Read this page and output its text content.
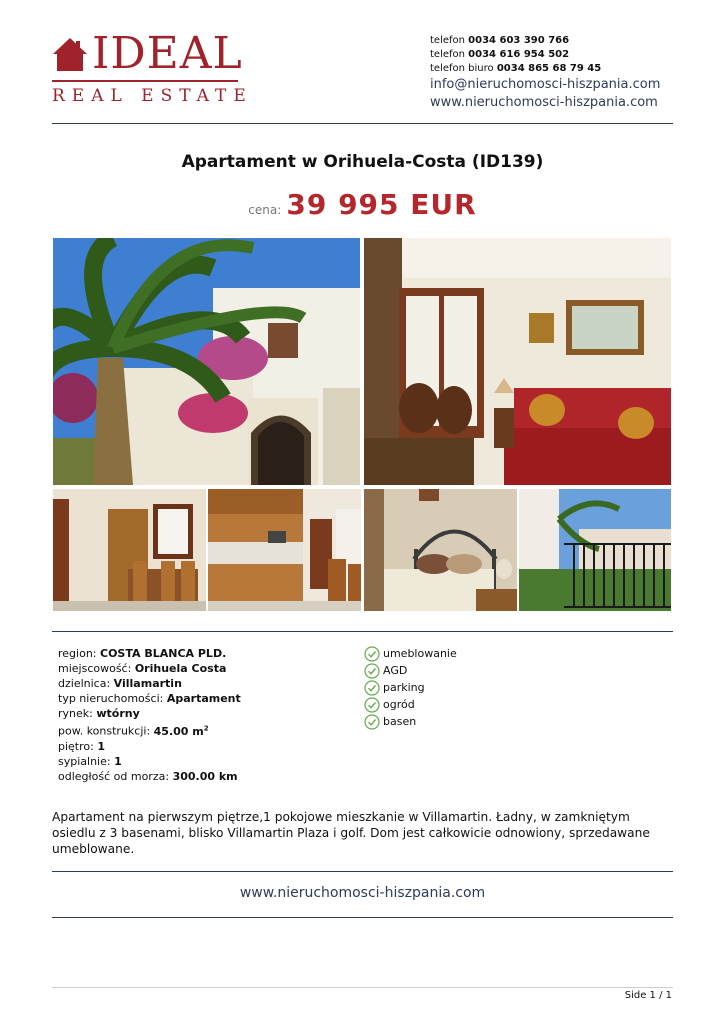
IDEAL
REAL ESTATE
telefon 0034 603 390 766
telefon 0034 616 954 502
telefon biuro 0034 865 68 79 45
info@nieruchomosci-hiszpania.com
www.nieruchomosci-hiszpania.com
Apartament w Orihuela-Costa (ID139)
cena: 39 995 EUR
region: COSTA BLANCA PLD.
miejscowość: Orihuela Costa
dzielnica: Villamartin
typ nieruchomości: Apartament
rynek: wtórny
pow. konstrukcji: 45.00 $m^2$
piętro: 1
sypialnie: 1
odległość od morza: 300.00 km
umeblowanie
AGD
parking
ogród
basen
Apartament na pierwszym piętrze,1 pokojowe mieszkanie w Villamartin. Ładny, w zamkniętym osiedlu z 3 basenami, blisko Villamartin Plaza i golf. Dom jest całkowicie odnowiony, sprzedawane umeblowane.
www.nieruchomosci-hiszpania.com
Side 1 / 1
